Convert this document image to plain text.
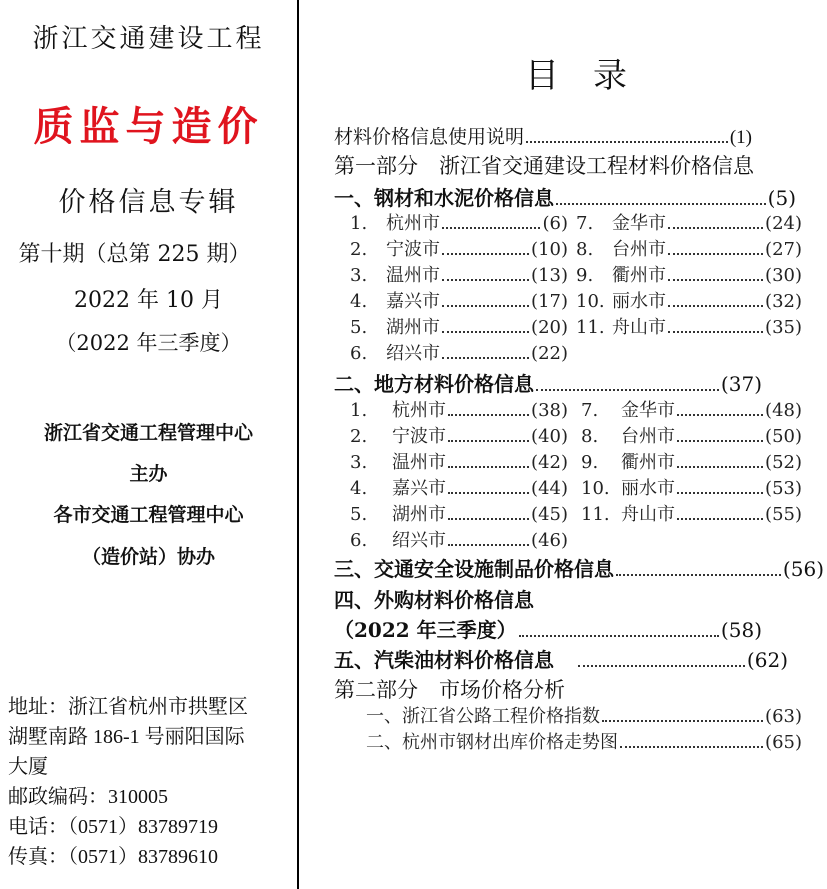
浙江交通建设工程
质监与造价
价格信息专辑
第十期（总第 225 期）
2022 年 10 月
（2022 年三季度）
浙江省交通工程管理中心
主办
各市交通工程管理中心
（造价站）协办
地址：浙江省杭州市拱墅区
湖墅南路 186-1 号丽阳国际
大厦
邮政编码：310005
电话：（0571）83789719
传真：（0571）83789610
目　录
材料价格信息使用说明	( 1 )
第一部分　浙江省交通建设工程材料价格信息
一、钢材和水泥价格信息	( 5 )
1.	杭州市	( 6 )
2.	宁波市	( 10 )
3.	温州市	( 13 )
4.	嘉兴市	( 17 )
5.	湖州市	( 20 )
6.	绍兴市	( 22 )
7.	金华市	( 24 )
8.	台州市	( 27 )
9.	衢州市	( 30 )
10. 丽水市	( 32 )
11. 舟山市	( 35 )
二、地方材料价格信息	( 37 )
1.	杭州市	( 38 )
2.	宁波市	( 40 )
3.	温州市	( 42 )
4.	嘉兴市	( 44 )
5.	湖州市	( 45 )
6.	绍兴市	( 46 )
7.	金华市	( 48 )
8.	台州市	( 50 )
9.	衢州市	( 52 )
10. 丽水市	( 53 )
11. 舟山市	( 55 )
三、交通安全设施制品价格信息	( 56 )
四、外购材料价格信息
（2022 年三季度）	( 58 )
五、汽柴油材料价格信息	( 62 )
第二部分　市场价格分析
一、浙江省公路工程价格指数	( 63 )
二、杭州市钢材出库价格走势图	( 65 )
